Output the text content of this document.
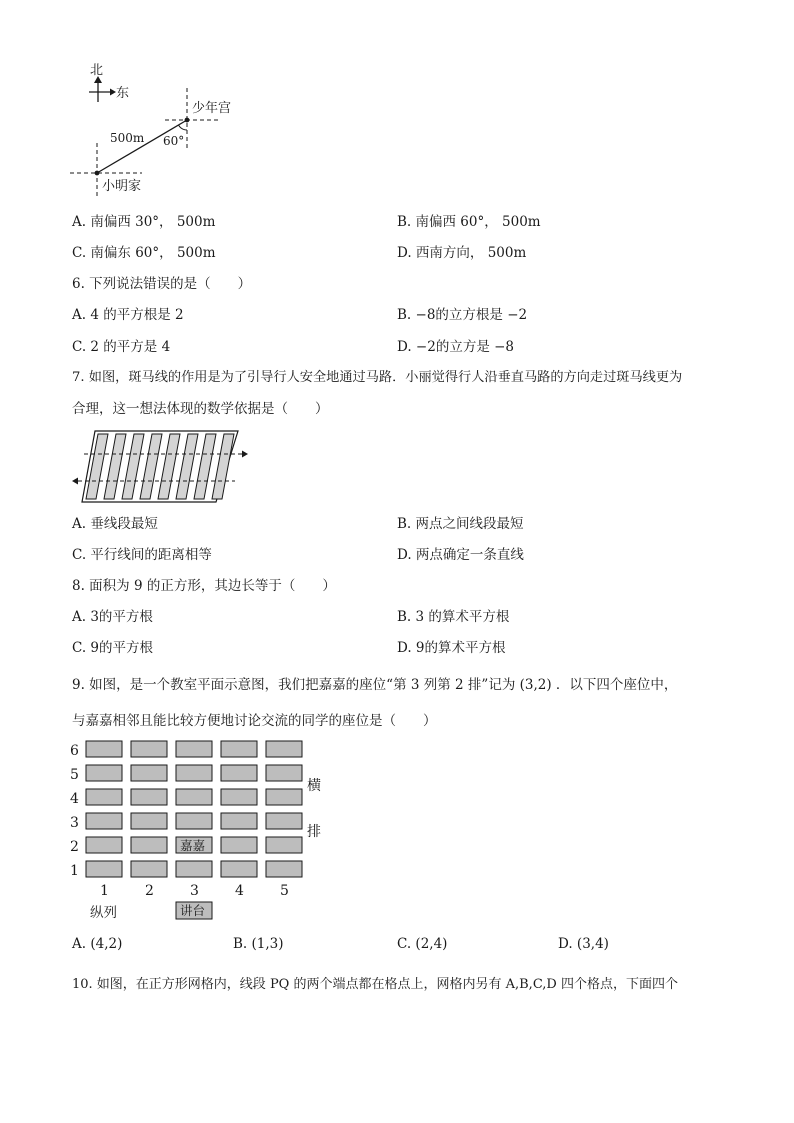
北
东
少年宫
500m 60°
小明家
A. 南偏西 30°， 500m	B. 南偏西 60°， 500m
C. 南偏东 60°， 500m	D. 西南方向， 500m
6. 下列说法错误的是（　　）
A. 4 的平方根是 2	B. −8的立方根是 −2
C. 2 的平方是 4	D. −2的立方是 −8
7. 如图，斑马线的作用是为了引导行人安全地通过马路．小丽觉得行人沿垂直马路的方向走过斑马线更为
合理，这一想法体现的数学依据是（　　）
A. 垂线段最短	B. 两点之间线段最短
C. 平行线间的距离相等	D. 两点确定一条直线
8. 面积为 9 的正方形，其边长等于（　　）
A. 3的平方根	B. 3 的算术平方根
C. 9的平方根	D. 9的算术平方根
9. 如图，是一个教室平面示意图，我们把嘉嘉的座位“第 3 列第 2 排”记为 (3,2) ．以下四个座位中，
与嘉嘉相邻且能比较方便地讨论交流的同学的座位是（　　）
6
5
4
3
2
1
嘉嘉
横
排
1	2	3	4	5
纵列	讲台
A. (4,2)	B. (1,3)	C. (2,4)	D. (3,4)
10. 如图，在正方形网格内，线段 PQ 的两个端点都在格点上，网格内另有 A,B,C,D 四个格点，下面四个
